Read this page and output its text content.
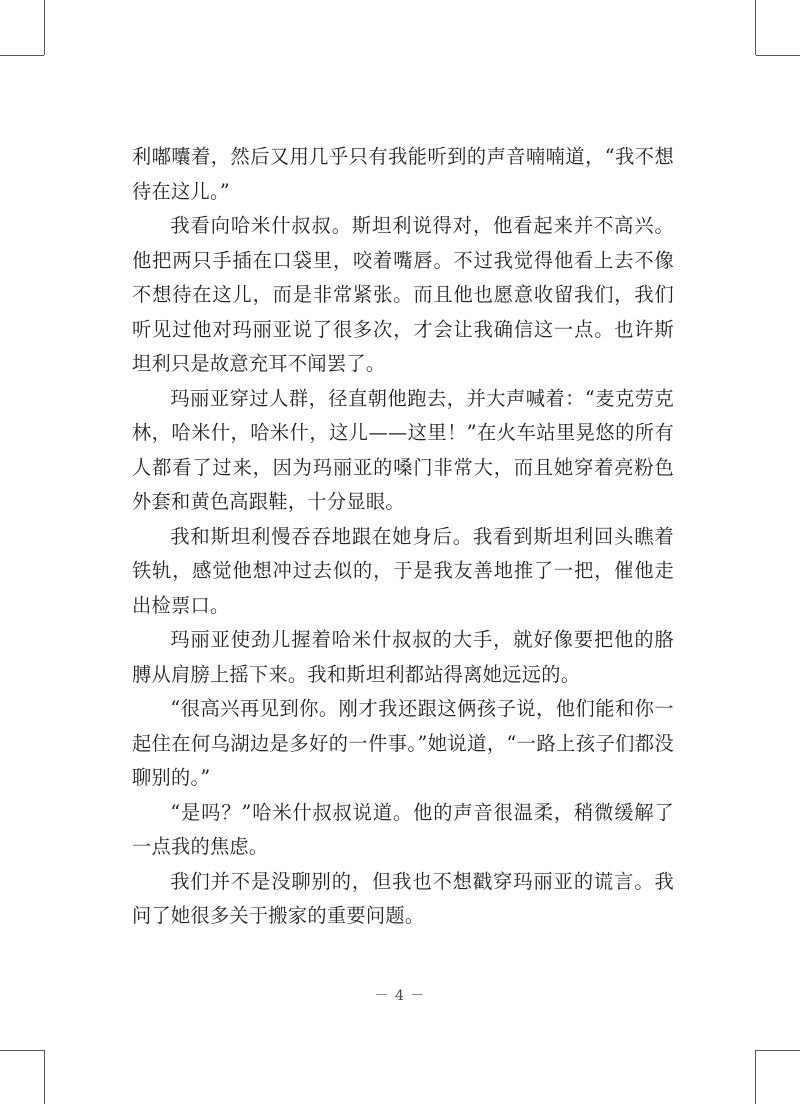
利嘟囔着，然后又用几乎只有我能听到的声音喃喃道，“我不想待在这儿。”

我看向哈米什叔叔。斯坦利说得对，他看起来并不高兴。他把两只手插在口袋里，咬着嘴唇。不过我觉得他看上去不像不想待在这儿，而是非常紧张。而且他也愿意收留我们，我们听见过他对玛丽亚说了很多次，才会让我确信这一点。也许斯坦利只是故意充耳不闻罢了。

玛丽亚穿过人群，径直朝他跑去，并大声喊着：“麦克劳克林，哈米什，哈米什，这儿——这里！”在火车站里晃悠的所有人都看了过来，因为玛丽亚的嗓门非常大，而且她穿着亮粉色外套和黄色高跟鞋，十分显眼。

我和斯坦利慢吞吞地跟在她身后。我看到斯坦利回头瞧着铁轨，感觉他想冲过去似的，于是我友善地推了一把，催他走出检票口。

玛丽亚使劲儿握着哈米什叔叔的大手，就好像要把他的胳膊从肩膀上摇下来。我和斯坦利都站得离她远远的。

“很高兴再见到你。刚才我还跟这俩孩子说，他们能和你一起住在何乌湖边是多好的一件事。”她说道，“一路上孩子们都没聊别的。”

“是吗？”哈米什叔叔说道。他的声音很温柔，稍微缓解了一点我的焦虑。

我们并不是没聊别的，但我也不想戳穿玛丽亚的谎言。我问了她很多关于搬家的重要问题。

－ 4 －
